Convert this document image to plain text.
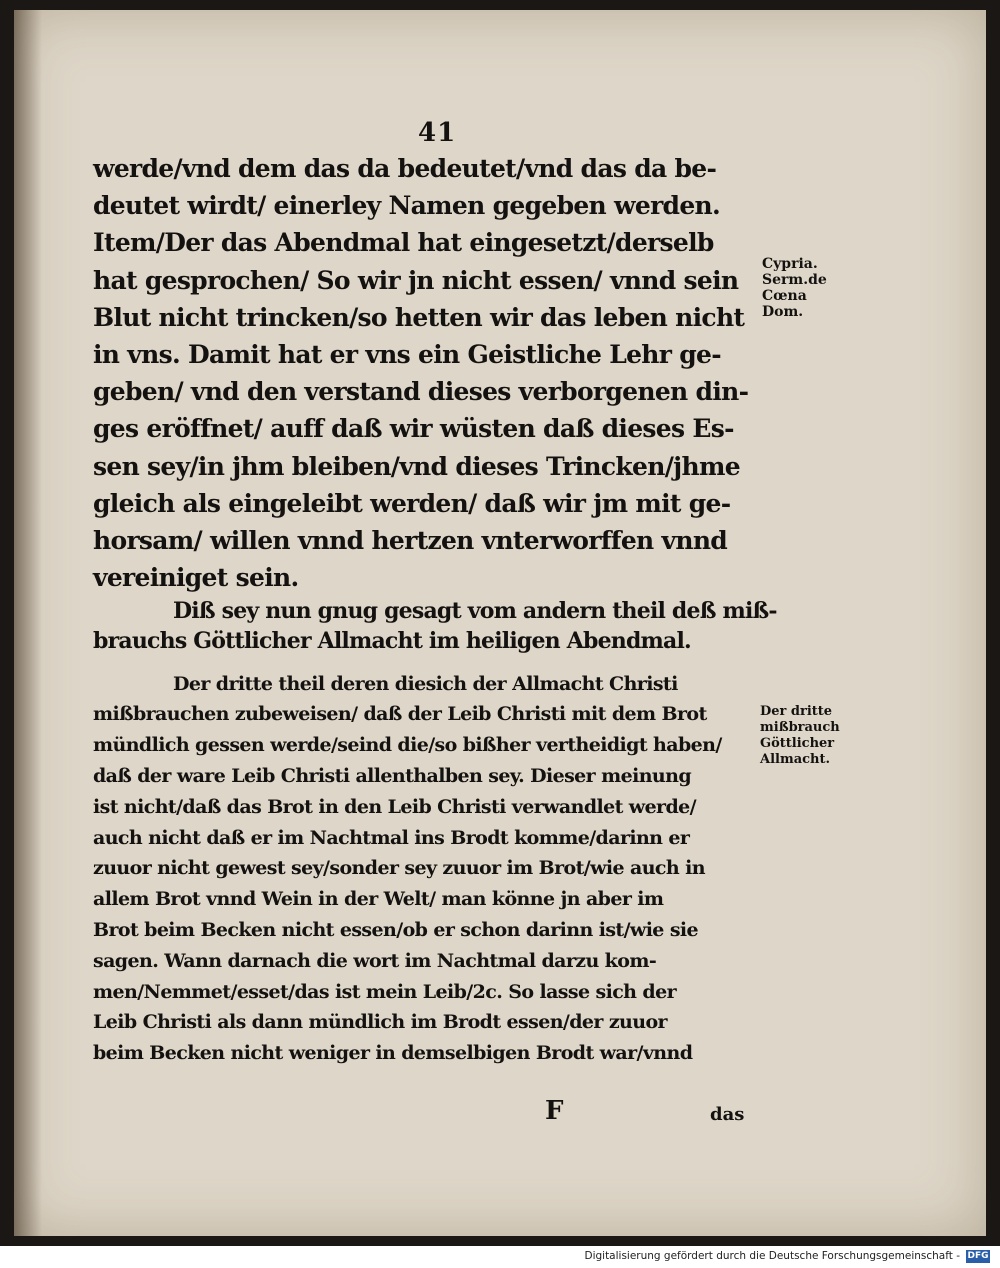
41
werde/vnd dem das da bedeutet/vnd das da be-
deutet wirdt/ einerley Namen gegeben werden.
Item/Der das Abendmal hat eingesetzt/derselb
hat gesprochen/ So wir jn nicht essen/ vnnd sein
Blut nicht trincken/so hetten wir das leben nicht
in vns. Damit hat er vns ein Geistliche Lehr ge-
geben/ vnd den verstand dieses verborgenen din-
ges eröffnet/ auff daß wir wüsten daß dieses Es-
sen sey/in jhm bleiben/vnd dieses Trincken/jhme
gleich als eingeleibt werden/ daß wir jm mit ge-
horsam/ willen vnnd hertzen vnterworffen vnnd
vereiniget sein.
Diß sey nun gnug gesagt vom andern theil deß miß-
brauchs Göttlicher Allmacht im heiligen Abendmal.
Der dritte theil deren diesich der Allmacht Christi
mißbrauchen zubeweisen/ daß der Leib Christi mit dem Brot
mündlich gessen werde/seind die/so bißher vertheidigt haben/
daß der ware Leib Christi allenthalben sey. Dieser meinung
ist nicht/daß das Brot in den Leib Christi verwandlet werde/
auch nicht daß er im Nachtmal ins Brodt komme/darinn er
zuuor nicht gewest sey/sonder sey zuuor im Brot/wie auch in
allem Brot vnnd Wein in der Welt/ man könne jn aber im
Brot beim Becken nicht essen/ob er schon darinn ist/wie sie
sagen. Wann darnach die wort im Nachtmal darzu kom-
men/Nemmet/esset/das ist mein Leib/2c. So lasse sich der
Leib Christi als dann mündlich im Brodt essen/der zuuor
beim Becken nicht weniger in demselbigen Brodt war/vnnd
Cypria.
Serm.de
Cœna
Dom.
Der dritte
mißbrauch
Göttlicher
Allmacht.
F	das
Digitalisierung gefördert durch die Deutsche Forschungsgemeinschaft - DFG
